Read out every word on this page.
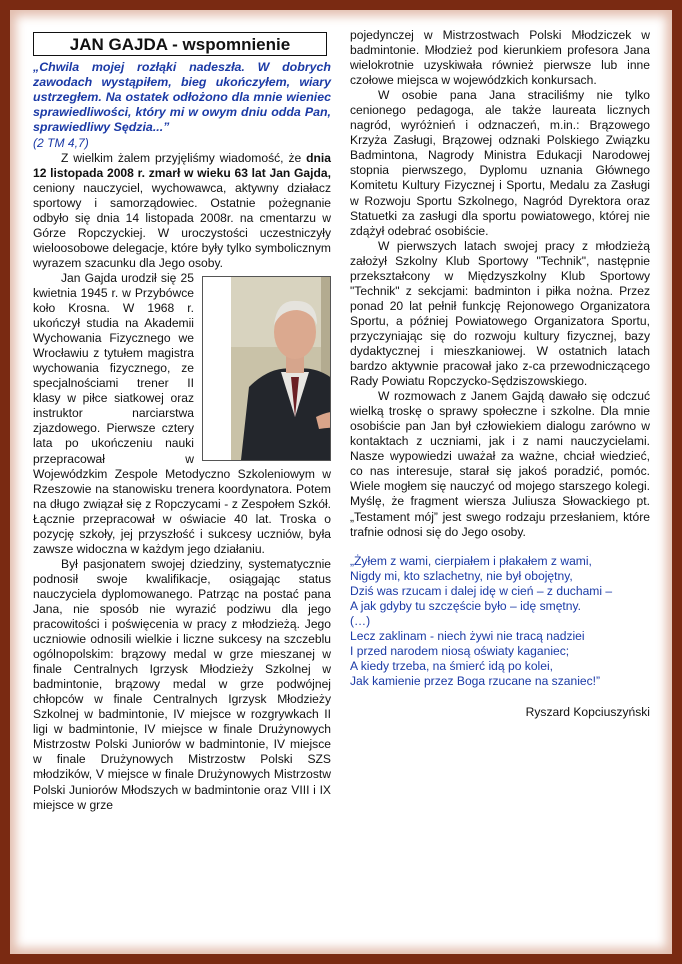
JAN GAJDA - wspomnienie

„Chwila mojej rozłąki nadeszła. W dobrych zawodach wystąpiłem, bieg ukończyłem, wiary ustrzegłem. Na ostatek odłożono dla mnie wieniec sprawiedliwości, który mi w owym dniu odda Pan, sprawiedliwy Sędzia...”

(2 TM 4,7)

Z wielkim żalem przyjęliśmy wiadomość, że dnia 12 listopada 2008 r. zmarł w wieku 63 lat Jan Gajda, ceniony nauczyciel, wychowawca, aktywny działacz sportowy i samorządowiec. Ostatnie pożegnanie odbyło się dnia 14 listopada 2008r. na cmentarzu w Górze Ropczyckiej. W uroczystości uczestniczyły wieloosobowe delegacje, które były tylko symbolicznym wyrazem szacunku dla Jego osoby.

Jan Gajda urodził się 25 kwietnia 1945 r. w Przybówce koło Krosna. W 1968 r. ukończył studia na Akademii Wychowania Fizycznego we Wrocławiu z tytułem magistra wychowania fizycznego, ze specjalnościami trener II klasy w piłce siatkowej oraz instruktor narciarstwa zjazdowego. Pierwsze cztery lata po ukończeniu nauki przepracował w Wojewódzkim Zespole Metodyczno Szkoleniowym w Rzeszowie na stanowisku trenera koordynatora. Potem na długo związał się z Ropczycami - z Zespołem Szkół. Łącznie przepracował w oświacie 40 lat. Troska o pozycję szkoły, jej przyszłość i sukcesy uczniów, była zawsze widoczna w każdym jego działaniu.

Był pasjonatem swojej dziedziny, systematycznie podnosił swoje kwalifikacje, osiągając status nauczyciela dyplomowanego. Patrząc na postać pana Jana, nie sposób nie wyrazić podziwu dla jego pracowitości i poświęcenia w pracy z młodzieżą. Jego uczniowie odnosili wielkie i liczne sukcesy na szczeblu ogólnopolskim: brązowy medal w grze mieszanej w finale Centralnych Igrzysk Młodzieży Szkolnej w badmintonie, brązowy medal w grze podwójnej chłopców w finale Centralnych Igrzysk Młodzieży Szkolnej w badmintonie, IV miejsce w rozgrywkach II ligi w badmintonie, IV miejsce w finale Drużynowych Mistrzostw Polski Juniorów w badmintonie, IV miejsce w finale Drużynowych Mistrzostw Polski SZS młodzików, V miejsce w finale Drużynowych Mistrzostw Polski Juniorów Młodszych w badmintonie oraz VIII i IX miejsce w grze

pojedynczej w Mistrzostwach Polski Młodziczek w badmintonie. Młodzież pod kierunkiem profesora Jana wielokrotnie uzyskiwała również pierwsze lub inne czołowe miejsca w wojewódzkich konkursach.

W osobie pana Jana straciliśmy nie tylko cenionego pedagoga, ale także laureata licznych nagród, wyróżnień i odznaczeń, m.in.: Brązowego Krzyża Zasługi, Brązowej odznaki Polskiego Związku Badmintona, Nagrody Ministra Edukacji Narodowej stopnia pierwszego, Dyplomu uznania Głównego Komitetu Kultury Fizycznej i Sportu, Medalu za Zasługi w Rozwoju Sportu Szkolnego, Nagród Dyrektora oraz Statuetki za zasługi dla sportu powiatowego, której nie zdążył odebrać osobiście.

W pierwszych latach swojej pracy z młodzieżą założył Szkolny Klub Sportowy "Technik", następnie przekształcony w Międzyszkolny Klub Sportowy "Technik" z sekcjami: badminton i piłka nożna. Przez ponad 20 lat pełnił funkcję Rejonowego Organizatora Sportu, a później Powiatowego Organizatora Sportu, przyczyniając się do rozwoju kultury fizycznej, bazy dydaktycznej i mieszkaniowej. W ostatnich latach bardzo aktywnie pracował jako z-ca przewodniczącego Rady Powiatu Ropczycko-Sędziszowskiego.

W rozmowach z Janem Gajdą dawało się odczuć wielką troskę o sprawy społeczne i szkolne. Dla mnie osobiście pan Jan był człowiekiem dialogu zarówno w kontaktach z uczniami, jak i z nami nauczycielami. Nasze wypowiedzi uważał za ważne, chciał wiedzieć, co nas interesuje, starał się jakoś poradzić, pomóc. Wiele mogłem się nauczyć od mojego starszego kolegi. Myślę, że fragment wiersza Juliusza Słowackiego pt. „Testament mój” jest swego rodzaju przesłaniem, które trafnie odnosi się do Jego osoby.

„Żyłem z wami, cierpiałem i płakałem z wami,
Nigdy mi, kto szlachetny, nie był obojętny,
Dziś was rzucam i dalej idę w cień – z duchami –
A jak gdyby tu szczęście było – idę smętny.
(…)
Lecz zaklinam - niech żywi nie tracą nadziei
I przed narodem niosą oświaty kaganiec;
A kiedy trzeba, na śmierć idą po kolei,
Jak kamienie przez Boga rzucane na szaniec!”
Ryszard Kopciuszyński
